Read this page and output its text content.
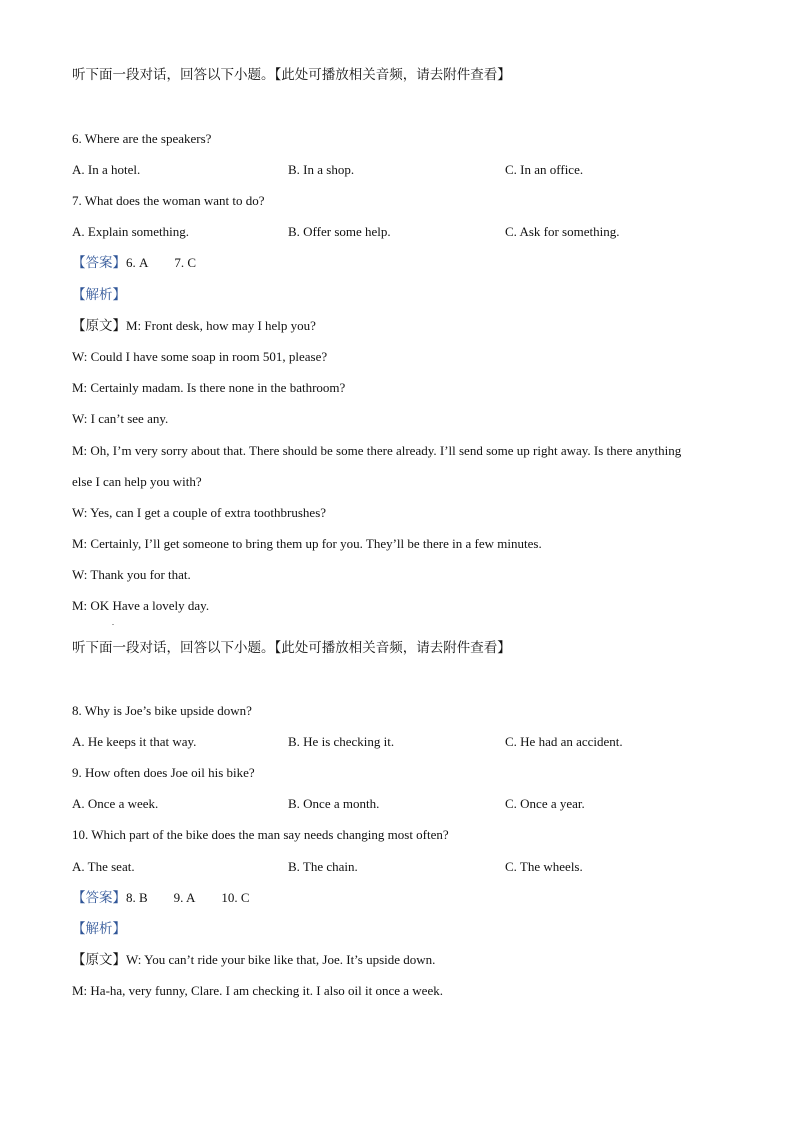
听下面一段对话，回答以下小题。【此处可播放相关音频，请去附件查看】
6. Where are the speakers?
A. In a hotel.	B. In a shop.	C. In an office.
7. What does the woman want to do?
A. Explain something.	B. Offer some help.	C. Ask for something.
【答案】6. A 7. C
【解析】
【原文】M: Front desk, how may I help you?
W: Could I have some soap in room 501, please?
M: Certainly madam. Is there none in the bathroom?
W: I can’t see any.
M: Oh, I’m very sorry about that. There should be some there already. I’ll send some up right away. Is there anything
else I can help you with?
W: Yes, can I get a couple of extra toothbrushes?
M: Certainly, I’ll get someone to bring them up for you. They’ll be there in a few minutes.
W: Thank you for that.
M: OK Have a lovely day.
.
听下面一段对话，回答以下小题。【此处可播放相关音频，请去附件查看】
8. Why is Joe’s bike upside down?
A. He keeps it that way.	B. He is checking it.	C. He had an accident.
9. How often does Joe oil his bike?
A. Once a week.	B. Once a month.	C. Once a year.
10. Which part of the bike does the man say needs changing most often?
A. The seat.	B. The chain.	C. The wheels.
【答案】8. B 9. A 10. C
【解析】
【原文】W: You can’t ride your bike like that, Joe. It’s upside down.
M: Ha-ha, very funny, Clare. I am checking it. I also oil it once a week.
